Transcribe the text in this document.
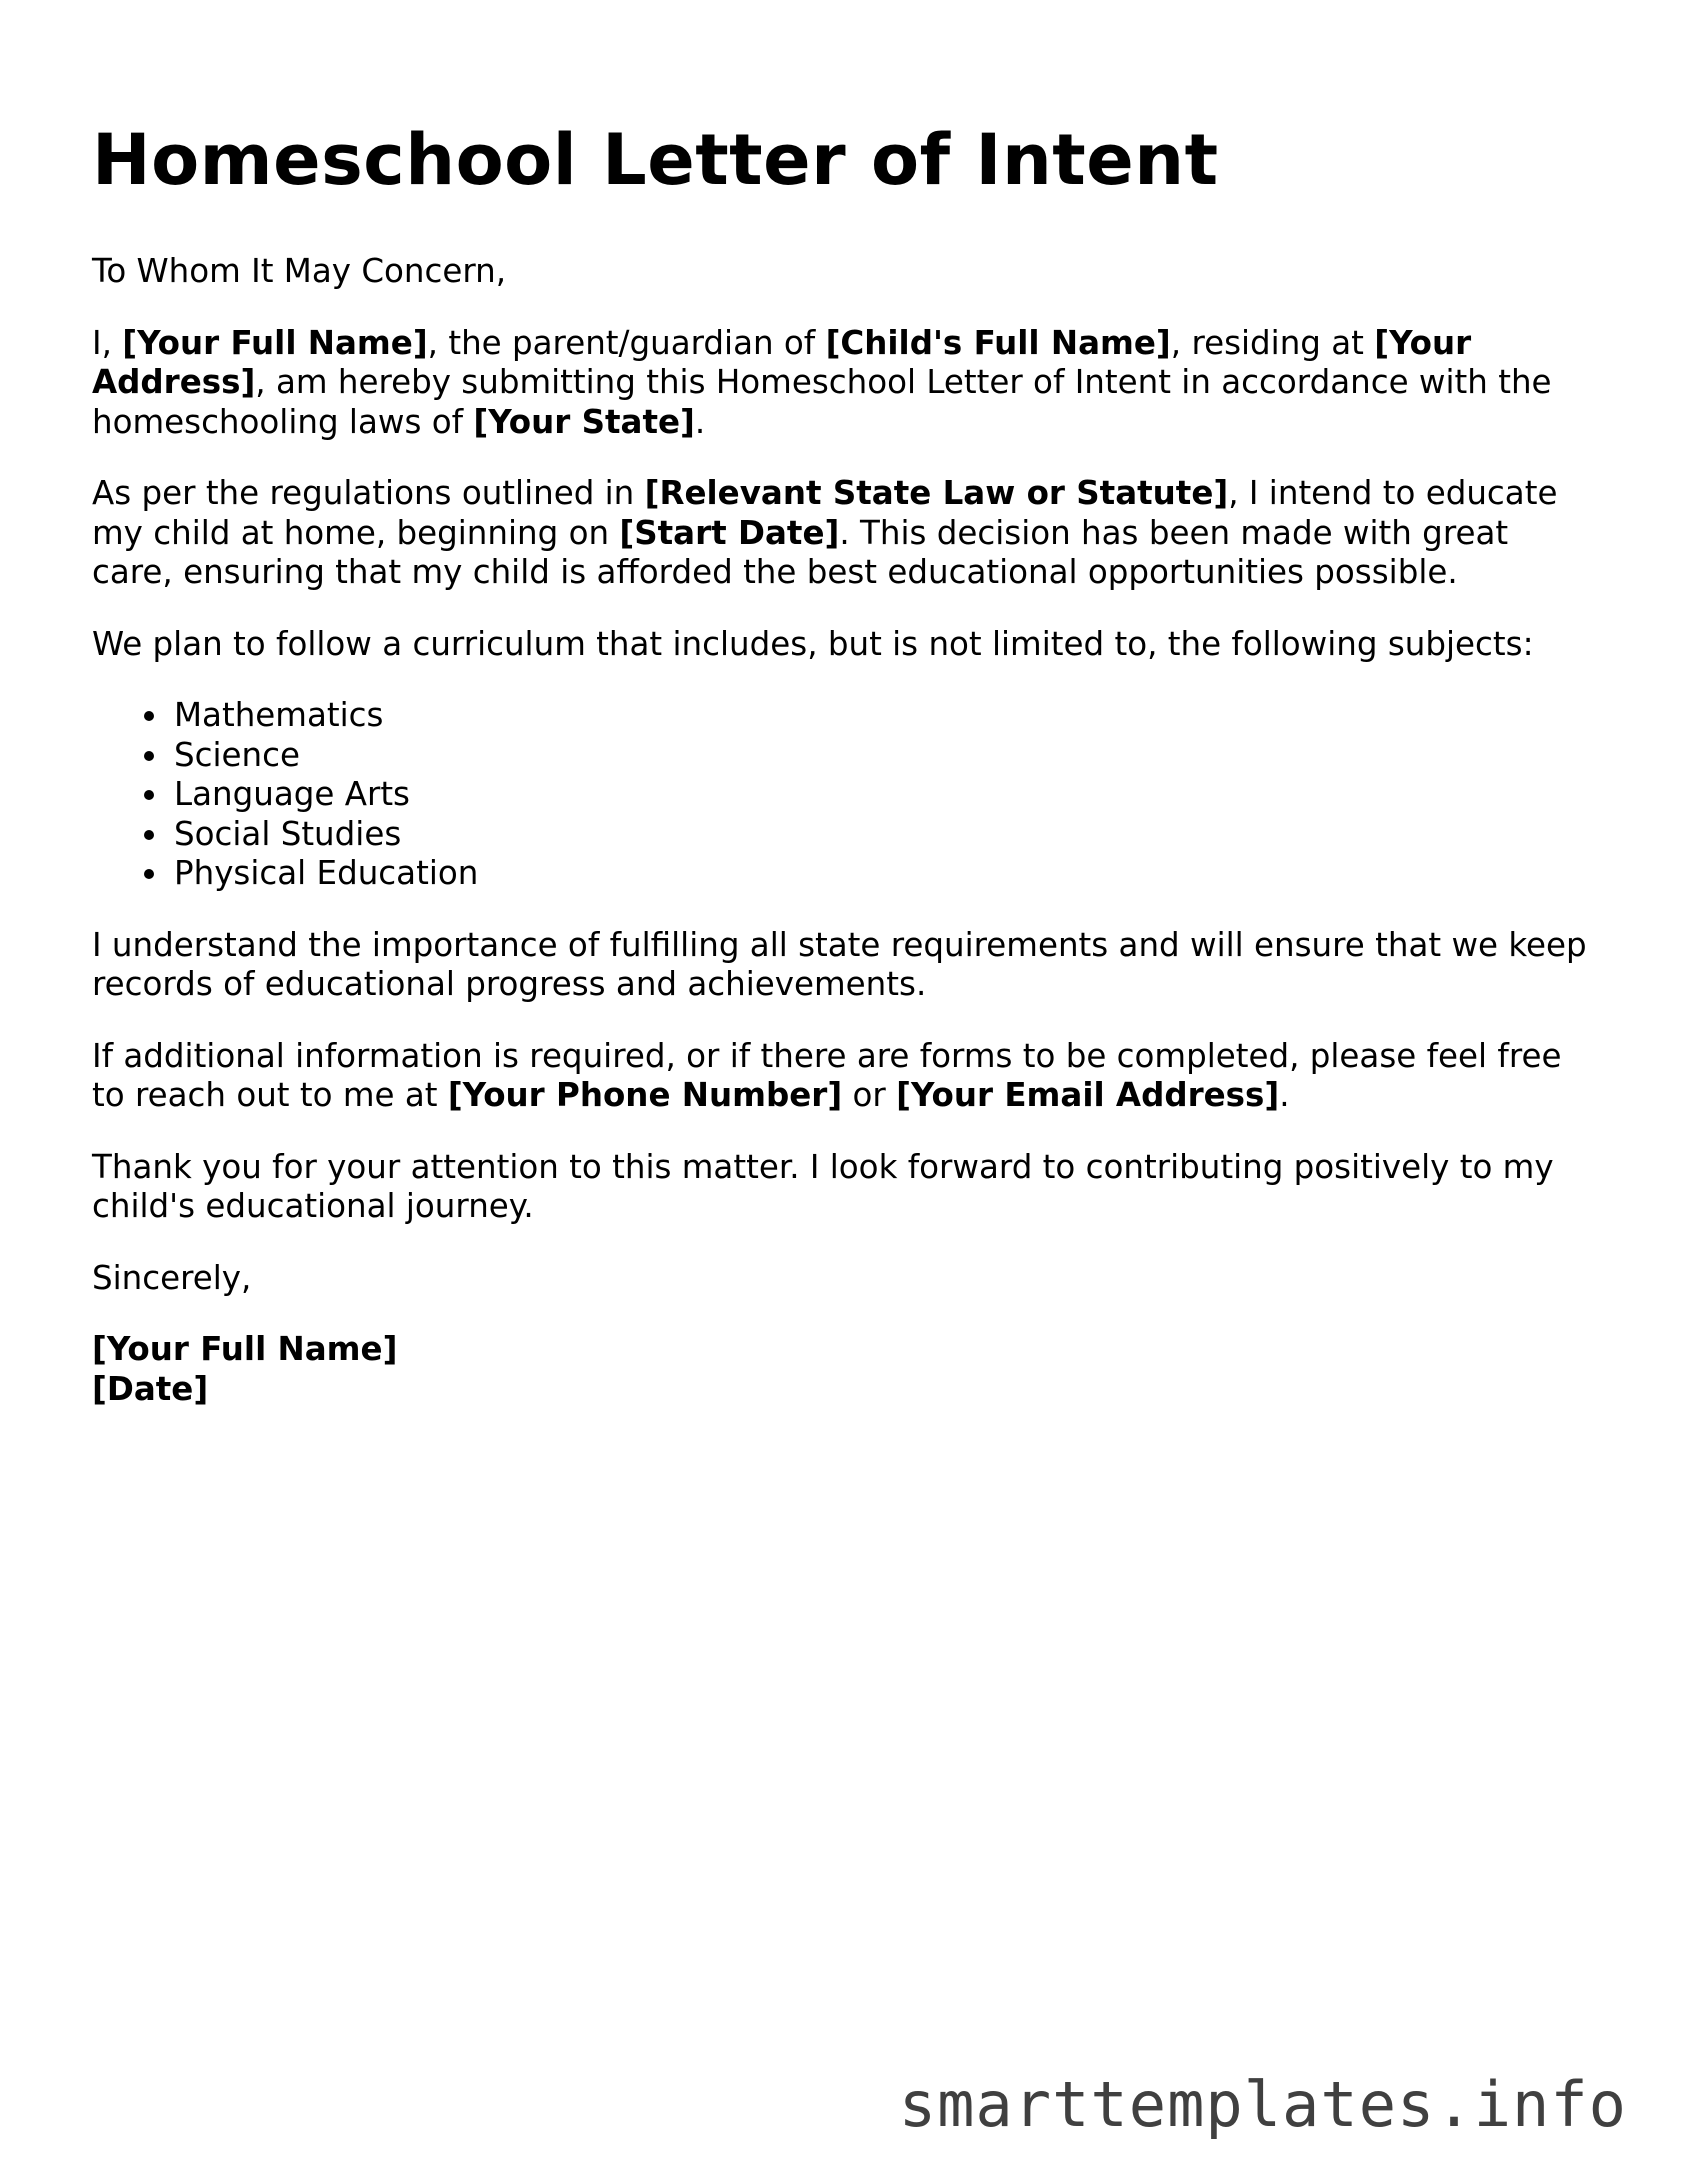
Homeschool Letter of Intent

To Whom It May Concern,

I, [Your Full Name], the parent/guardian of [Child's Full Name], residing at [Your Address], am hereby submitting this Homeschool Letter of Intent in accordance with the homeschooling laws of [Your State].

As per the regulations outlined in [Relevant State Law or Statute], I intend to educate my child at home, beginning on [Start Date]. This decision has been made with great care, ensuring that my child is afforded the best educational opportunities possible.

We plan to follow a curriculum that includes, but is not limited to, the following subjects:

Mathematics
Science
Language Arts
Social Studies
Physical Education

I understand the importance of fulfilling all state requirements and will ensure that we keep records of educational progress and achievements.

If additional information is required, or if there are forms to be completed, please feel free to reach out to me at [Your Phone Number] or [Your Email Address].

Thank you for your attention to this matter. I look forward to contributing positively to my child's educational journey.

Sincerely,

[Your Full Name]
[Date]
smarttemplates.info
